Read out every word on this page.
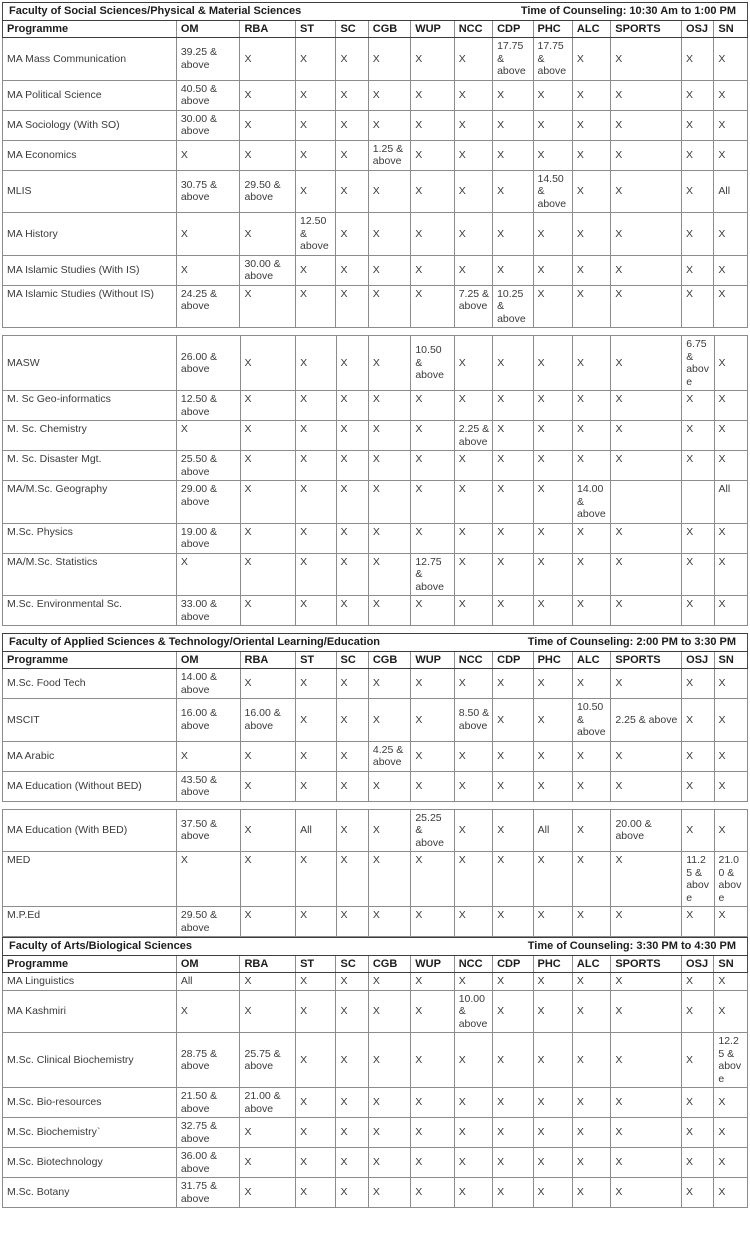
Faculty of Social Sciences/Physical & Material Sciences Time of Counseling: 10:30 Am to 1:00 PM													

Programme	OM	RBA	ST	SC	CGB	WUP	NCC	CDP	PHC	ALC	SPORTS	OSJ	SN
MA Mass Communication	39.25 & above	X	X	X	X	X	X	17.75 & above	17.75 & above	X	X	X	X
MA Political Science	40.50 & above	X	X	X	X	X	X	X	X	X	X	X	X
MA Sociology (With SO)	30.00 & above	X	X	X	X	X	X	X	X	X	X	X	X
MA Economics	X	X	X	X	1.25 & above	X	X	X	X	X	X	X	X
MLIS	30.75 & above	29.50 & above	X	X	X	X	X	X	14.50 & above	X	X	X	All
MA History	X	X	12.50 & above	X	X	X	X	X	X	X	X	X	X
MA Islamic Studies (With IS)	X	30.00 & above	X	X	X	X	X	X	X	X	X	X	X
MA Islamic Studies (Without IS)	24.25 & above	X	X	X	X	X	7.25 & above	10.25 & above	X	X	X	X	X
MASW	26.00 & above	X	X	X	X	10.50 & above	X	X	X	X	X	6.75 & above	X
M. Sc Geo-informatics	12.50 & above	X	X	X	X	X	X	X	X	X	X	X	X
M. Sc. Chemistry	X	X	X	X	X	X	2.25 & above	X	X	X	X	X	X
M. Sc. Disaster Mgt.	25.50 & above	X	X	X	X	X	X	X	X	X	X	X	X
MA/M.Sc. Geography	29.00 & above	X	X	X	X	X	X	X	X	14.00 & above			All
M.Sc. Physics	19.00 & above	X	X	X	X	X	X	X	X	X	X	X	X
MA/M.Sc. Statistics	X	X	X	X	X	12.75 & above	X	X	X	X	X	X	X
M.Sc. Environmental Sc.	33.00 & above	X	X	X	X	X	X	X	X	X	X	X	X
Faculty of Applied Sciences & Technology/Oriental Learning/Education Time of Counseling: 2:00 PM to 3:30 PM													

Programme	OM	RBA	ST	SC	CGB	WUP	NCC	CDP	PHC	ALC	SPORTS	OSJ	SN
M.Sc. Food Tech	14.00 & above	X	X	X	X	X	X	X	X	X	X	X	X
MSCIT	16.00 & above	16.00 & above	X	X	X	X	8.50 & above	X	X	10.50 & above	2.25 & above	X	X
MA Arabic	X	X	X	X	4.25 & above	X	X	X	X	X	X	X	X
MA Education (Without BED)	43.50 & above	X	X	X	X	X	X	X	X	X	X	X	X
MA Education (With BED)	37.50 & above	X	All	X	X	25.25 & above	X	X	All	X	20.00 & above	X	X
MED	X	X	X	X	X	X	X	X	X	X	X	11.25 & above	21.00 & above
M.P.Ed	29.50 & above	X	X	X	X	X	X	X	X	X	X	X	X
Faculty of Arts/Biological Sciences Time of Counseling: 3:30 PM to 4:30 PM													

Programme	OM	RBA	ST	SC	CGB	WUP	NCC	CDP	PHC	ALC	SPORTS	OSJ	SN
MA Linguistics	All	X	X	X	X	X	X	X	X	X	X	X	X
MA Kashmiri	X	X	X	X	X	X	10.00 & above	X	X	X	X	X	X
M.Sc. Clinical Biochemistry	28.75 & above	25.75 & above	X	X	X	X	X	X	X	X	X	X	12.25 & above
M.Sc. Bio-resources	21.50 & above	21.00 & above	X	X	X	X	X	X	X	X	X	X	X
M.Sc. Biochemistry`	32.75 & above	X	X	X	X	X	X	X	X	X	X	X	X
M.Sc. Biotechnology	36.00 & above	X	X	X	X	X	X	X	X	X	X	X	X
M.Sc. Botany	31.75 & above	X	X	X	X	X	X	X	X	X	X	X	X
